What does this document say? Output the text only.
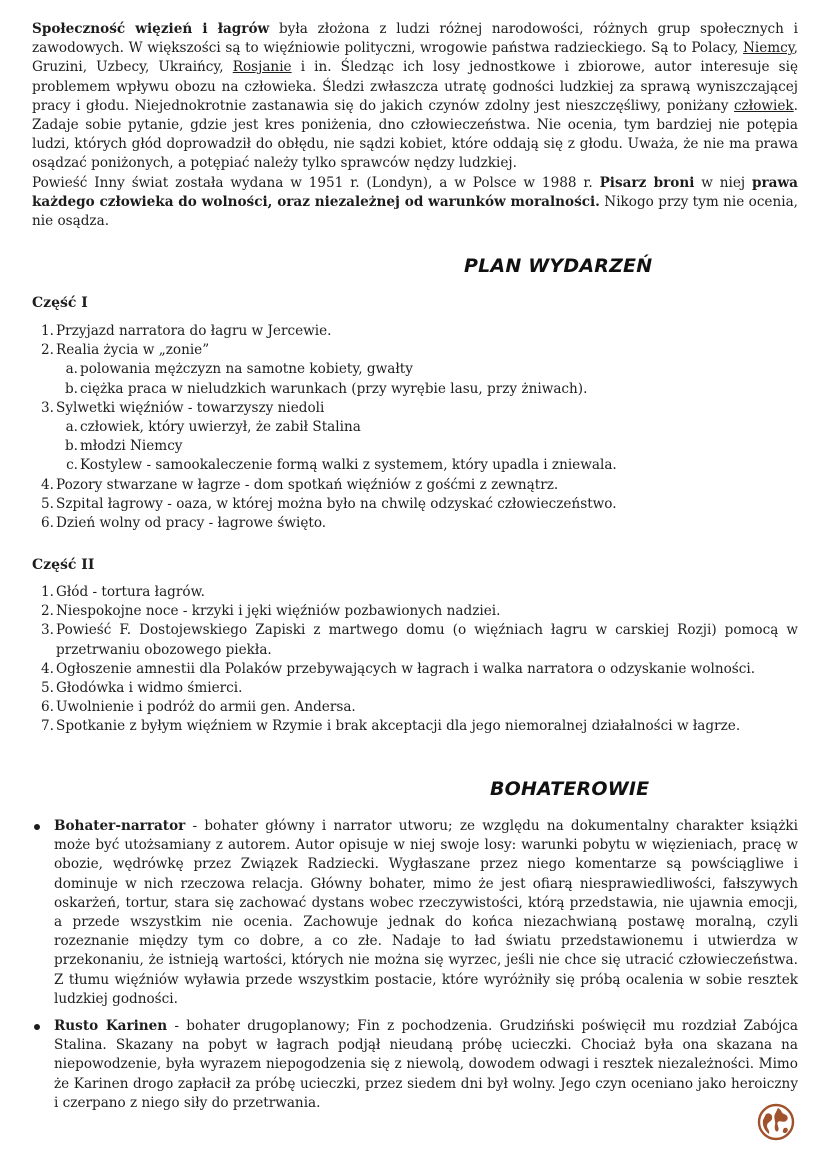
Społeczność więzień i łagrów była złożona z ludzi różnej narodowości, różnych grup społecznych i zawodowych. W większości są to więźniowie polityczni, wrogowie państwa radzieckiego. Są to Polacy, Niemcy, Gruzini, Uzbecy, Ukraińcy, Rosjanie i in. Śledząc ich losy jednostkowe i zbiorowe, autor interesuje się problemem wpływu obozu na człowieka. Śledzi zwłaszcza utratę godności ludzkiej za sprawą wyniszczającej pracy i głodu. Niejednokrotnie zastanawia się do jakich czynów zdolny jest nieszczęśliwy, poniżany człowiek. Zadaje sobie pytanie, gdzie jest kres poniżenia, dno człowieczeństwa. Nie ocenia, tym bardziej nie potępia ludzi, których głód doprowadził do obłędu, nie sądzi kobiet, które oddają się z głodu. Uważa, że nie ma prawa osądzać poniżonych, a potępiać należy tylko sprawców nędzy ludzkiej.

Powieść Inny świat została wydana w 1951 r. (Londyn), a w Polsce w 1988 r. Pisarz broni w niej prawa każdego człowieka do wolności, oraz niezależnej od warunków moralności. Nikogo przy tym nie ocenia, nie osądza.

PLAN WYDARZEŃ
Część I
1. Przyjazd narratora do łagru w Jercewie.
2. Realia życia w „zonie”
a. polowania mężczyzn na samotne kobiety, gwałty
b. ciężka praca w nieludzkich warunkach (przy wyrębie lasu, przy żniwach).
3. Sylwetki więźniów - towarzyszy niedoli
a. człowiek, który uwierzył, że zabił Stalina
b. młodzi Niemcy
c. Kostylew - samookaleczenie formą walki z systemem, który upadla i zniewala.
4. Pozory stwarzane w łagrze - dom spotkań więźniów z gośćmi z zewnątrz.
5. Szpital łagrowy - oaza, w której można było na chwilę odzyskać człowieczeństwo.
6. Dzień wolny od pracy - łagrowe święto.
Część II
1. Głód - tortura łagrów.
2. Niespokojne noce - krzyki i jęki więźniów pozbawionych nadziei.
3. Powieść F. Dostojewskiego Zapiski z martwego domu (o więźniach łagru w carskiej Rozji) pomocą w przetrwaniu obozowego piekła.
4. Ogłoszenie amnestii dla Polaków przebywających w łagrach i walka narratora o odzyskanie wolności.
5. Głodówka i widmo śmierci.
6. Uwolnienie i podróż do armii gen. Andersa.
7. Spotkanie z byłym więźniem w Rzymie i brak akceptacji dla jego niemoralnej działalności w łagrze.
BOHATEROWIE
Bohater-narrator - bohater główny i narrator utworu; ze względu na dokumentalny charakter książki może być utożsamiany z autorem. Autor opisuje w niej swoje losy: warunki pobytu w więzieniach, pracę w obozie, wędrówkę przez Związek Radziecki. Wygłaszane przez niego komentarze są powściągliwe i dominuje w nich rzeczowa relacja. Główny bohater, mimo że jest ofiarą niesprawiedliwości, fałszywych oskarżeń, tortur, stara się zachować dystans wobec rzeczywistości, którą przedstawia, nie ujawnia emocji, a przede wszystkim nie ocenia. Zachowuje jednak do końca niezachwianą postawę moralną, czyli rozeznanie między tym co dobre, a co złe. Nadaje to ład światu przedstawionemu i utwierdza w przekonaniu, że istnieją wartości, których nie można się wyrzec, jeśli nie chce się utracić człowieczeństwa. Z tłumu więźniów wyławia przede wszystkim postacie, które wyróżniły się próbą ocalenia w sobie resztek ludzkiej godności.
Rusto Karinen - bohater drugoplanowy; Fin z pochodzenia. Grudziński poświęcił mu rozdział Zabójca Stalina. Skazany na pobyt w łagrach podjął nieudaną próbę ucieczki. Chociaż była ona skazana na niepowodzenie, była wyrazem niepogodzenia się z niewolą, dowodem odwagi i resztek niezależności. Mimo że Karinen drogo zapłacił za próbę ucieczki, przez siedem dni był wolny. Jego czyn oceniano jako heroiczny i czerpano z niego siły do przetrwania.
